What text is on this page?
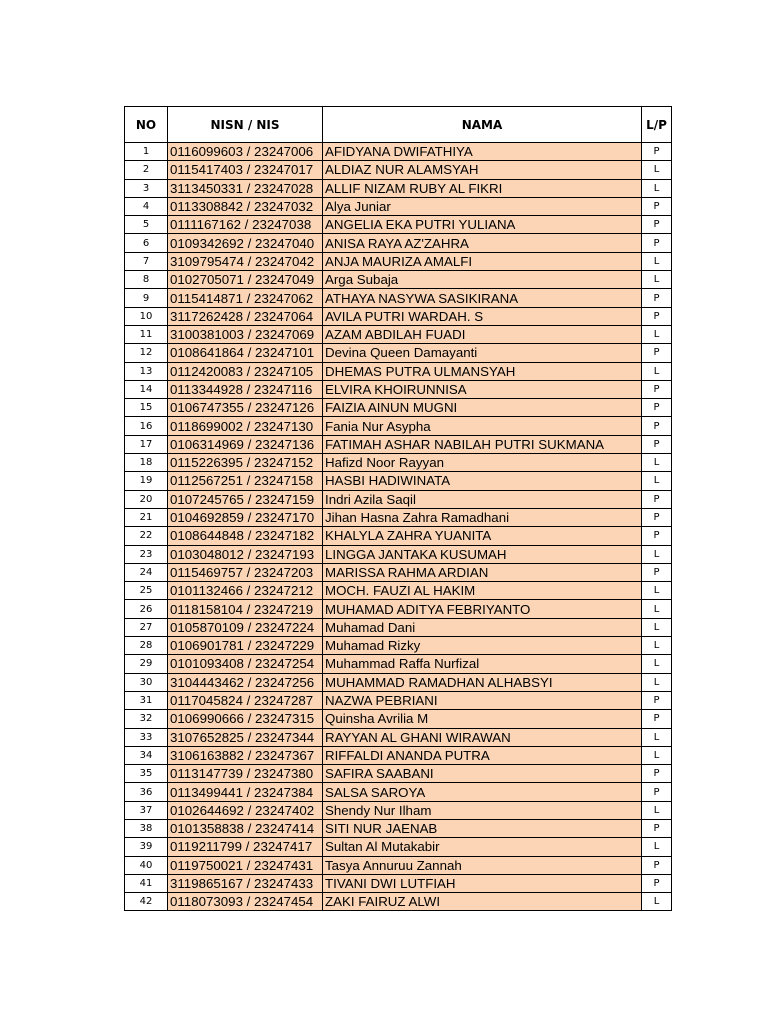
NO	NISN / NIS	NAMA	L/P
1	0116099603 / 23247006	AFIDYANA DWIFATHIYA	P
2	0115417403 / 23247017	ALDIAZ NUR ALAMSYAH	L
3	3113450331 / 23247028	ALLIF NIZAM RUBY AL FIKRI	L
4	0113308842 / 23247032	Alya Juniar	P
5	0111167162 / 23247038	ANGELIA EKA PUTRI YULIANA	P
6	0109342692 / 23247040	ANISA RAYA AZ'ZAHRA	P
7	3109795474 / 23247042	ANJA MAURIZA AMALFI	L
8	0102705071 / 23247049	Arga Subaja	L
9	0115414871 / 23247062	ATHAYA NASYWA SASIKIRANA	P
10	3117262428 / 23247064	AVILA PUTRI WARDAH. S	P
11	3100381003 / 23247069	AZAM ABDILAH FUADI	L
12	0108641864 / 23247101	Devina Queen Damayanti	P
13	0112420083 / 23247105	DHEMAS PUTRA ULMANSYAH	L
14	0113344928 / 23247116	ELVIRA KHOIRUNNISA	P
15	0106747355 / 23247126	FAIZIA AINUN MUGNI	P
16	0118699002 / 23247130	Fania Nur Asypha	P
17	0106314969 / 23247136	FATIMAH ASHAR NABILAH PUTRI SUKMANA	P
18	0115226395 / 23247152	Hafizd Noor Rayyan	L
19	0112567251 / 23247158	HASBI HADIWINATA	L
20	0107245765 / 23247159	Indri Azila Saqil	P
21	0104692859 / 23247170	Jihan Hasna Zahra Ramadhani	P
22	0108644848 / 23247182	KHALYLA ZAHRA YUANITA	P
23	0103048012 / 23247193	LINGGA JANTAKA KUSUMAH	L
24	0115469757 / 23247203	MARISSA RAHMA ARDIAN	P
25	0101132466 / 23247212	MOCH. FAUZI AL HAKIM	L
26	0118158104 / 23247219	MUHAMAD ADITYA FEBRIYANTO	L
27	0105870109 / 23247224	Muhamad Dani	L
28	0106901781 / 23247229	Muhamad Rizky	L
29	0101093408 / 23247254	Muhammad Raffa Nurfizal	L
30	3104443462 / 23247256	MUHAMMAD RAMADHAN ALHABSYI	L
31	0117045824 / 23247287	NAZWA PEBRIANI	P
32	0106990666 / 23247315	Quinsha Avrilia M	P
33	3107652825 / 23247344	RAYYAN AL GHANI WIRAWAN	L
34	3106163882 / 23247367	RIFFALDI ANANDA PUTRA	L
35	0113147739 / 23247380	SAFIRA SAABANI	P
36	0113499441 / 23247384	SALSA SAROYA	P
37	0102644692 / 23247402	Shendy Nur Ilham	L
38	0101358838 / 23247414	SITI NUR JAENAB	P
39	0119211799 / 23247417	Sultan Al Mutakabir	L
40	0119750021 / 23247431	Tasya Annuruu Zannah	P
41	3119865167 / 23247433	TIVANI DWI LUTFIAH	P
42	0118073093 / 23247454	ZAKI FAIRUZ ALWI	L
